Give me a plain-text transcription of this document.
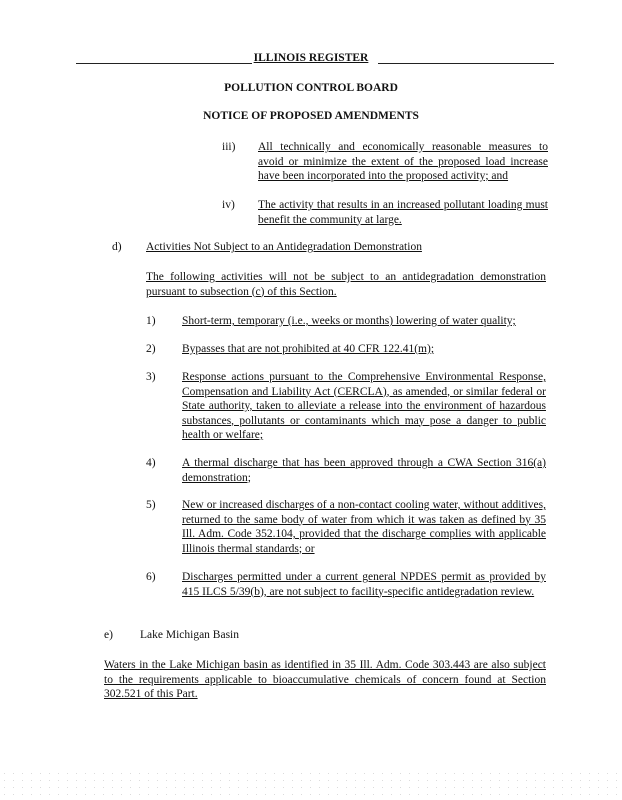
ILLINOIS REGISTER
POLLUTION CONTROL BOARD
NOTICE OF PROPOSED AMENDMENTS
iii) All technically and economically reasonable measures to avoid or minimize the extent of the proposed load increase have been incorporated into the proposed activity; and
iv) The activity that results in an increased pollutant loading must benefit the community at large.
d) Activities Not Subject to an Antidegradation Demonstration
The following activities will not be subject to an antidegradation demonstration pursuant to subsection (c) of this Section.
1) Short-term, temporary (i.e., weeks or months) lowering of water quality;
2) Bypasses that are not prohibited at 40 CFR 122.41(m);
3) Response actions pursuant to the Comprehensive Environmental Response, Compensation and Liability Act (CERCLA), as amended, or similar federal or State authority, taken to alleviate a release into the environment of hazardous substances, pollutants or contaminants which may pose a danger to public health or welfare;
4) A thermal discharge that has been approved through a CWA Section 316(a) demonstration;
5) New or increased discharges of a non-contact cooling water, without additives, returned to the same body of water from which it was taken as defined by 35 Ill. Adm. Code 352.104, provided that the discharge complies with applicable Illinois thermal standards; or
6) Discharges permitted under a current general NPDES permit as provided by 415 ILCS 5/39(b), are not subject to facility-specific antidegradation review.
e) Lake Michigan Basin
Waters in the Lake Michigan basin as identified in 35 Ill. Adm. Code 303.443 are also subject to the requirements applicable to bioaccumulative chemicals of concern found at Section 302.521 of this Part.
